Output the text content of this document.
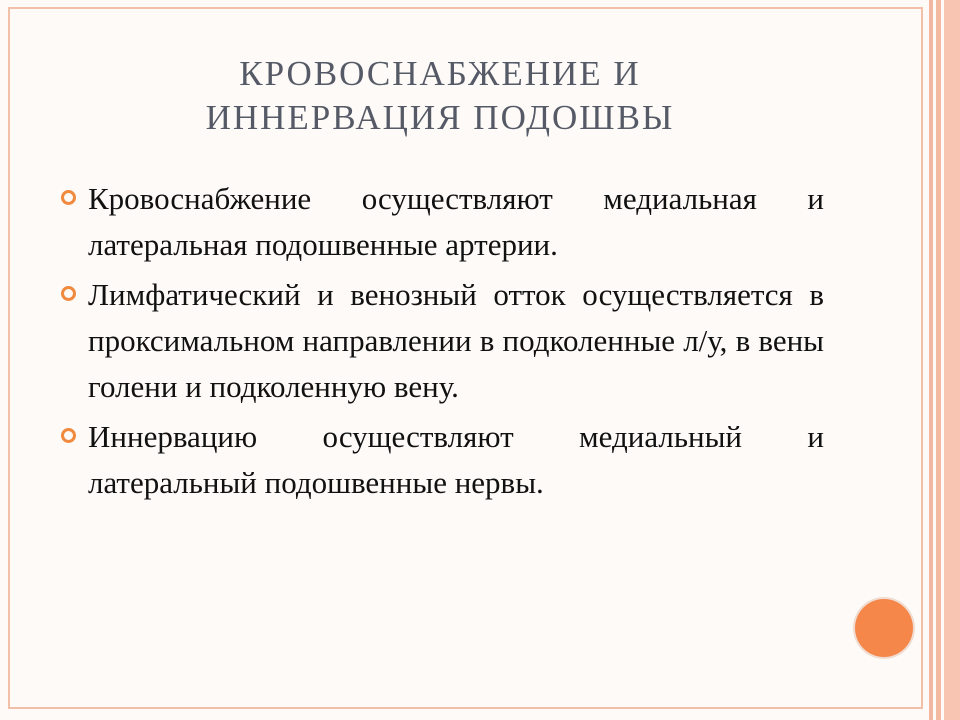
КРОВОСНАБЖЕНИЕ И ИННЕРВАЦИЯ ПОДОШВЫ

Кровоснабжение осуществляют медиальная и латеральная подошвенные артерии.

Лимфатический и венозный отток осуществляется в проксимальном направлении в подколенные л/у, в вены голени и подколенную вену.

Иннервацию осуществляют медиальный и латеральный подошвенные нервы.
